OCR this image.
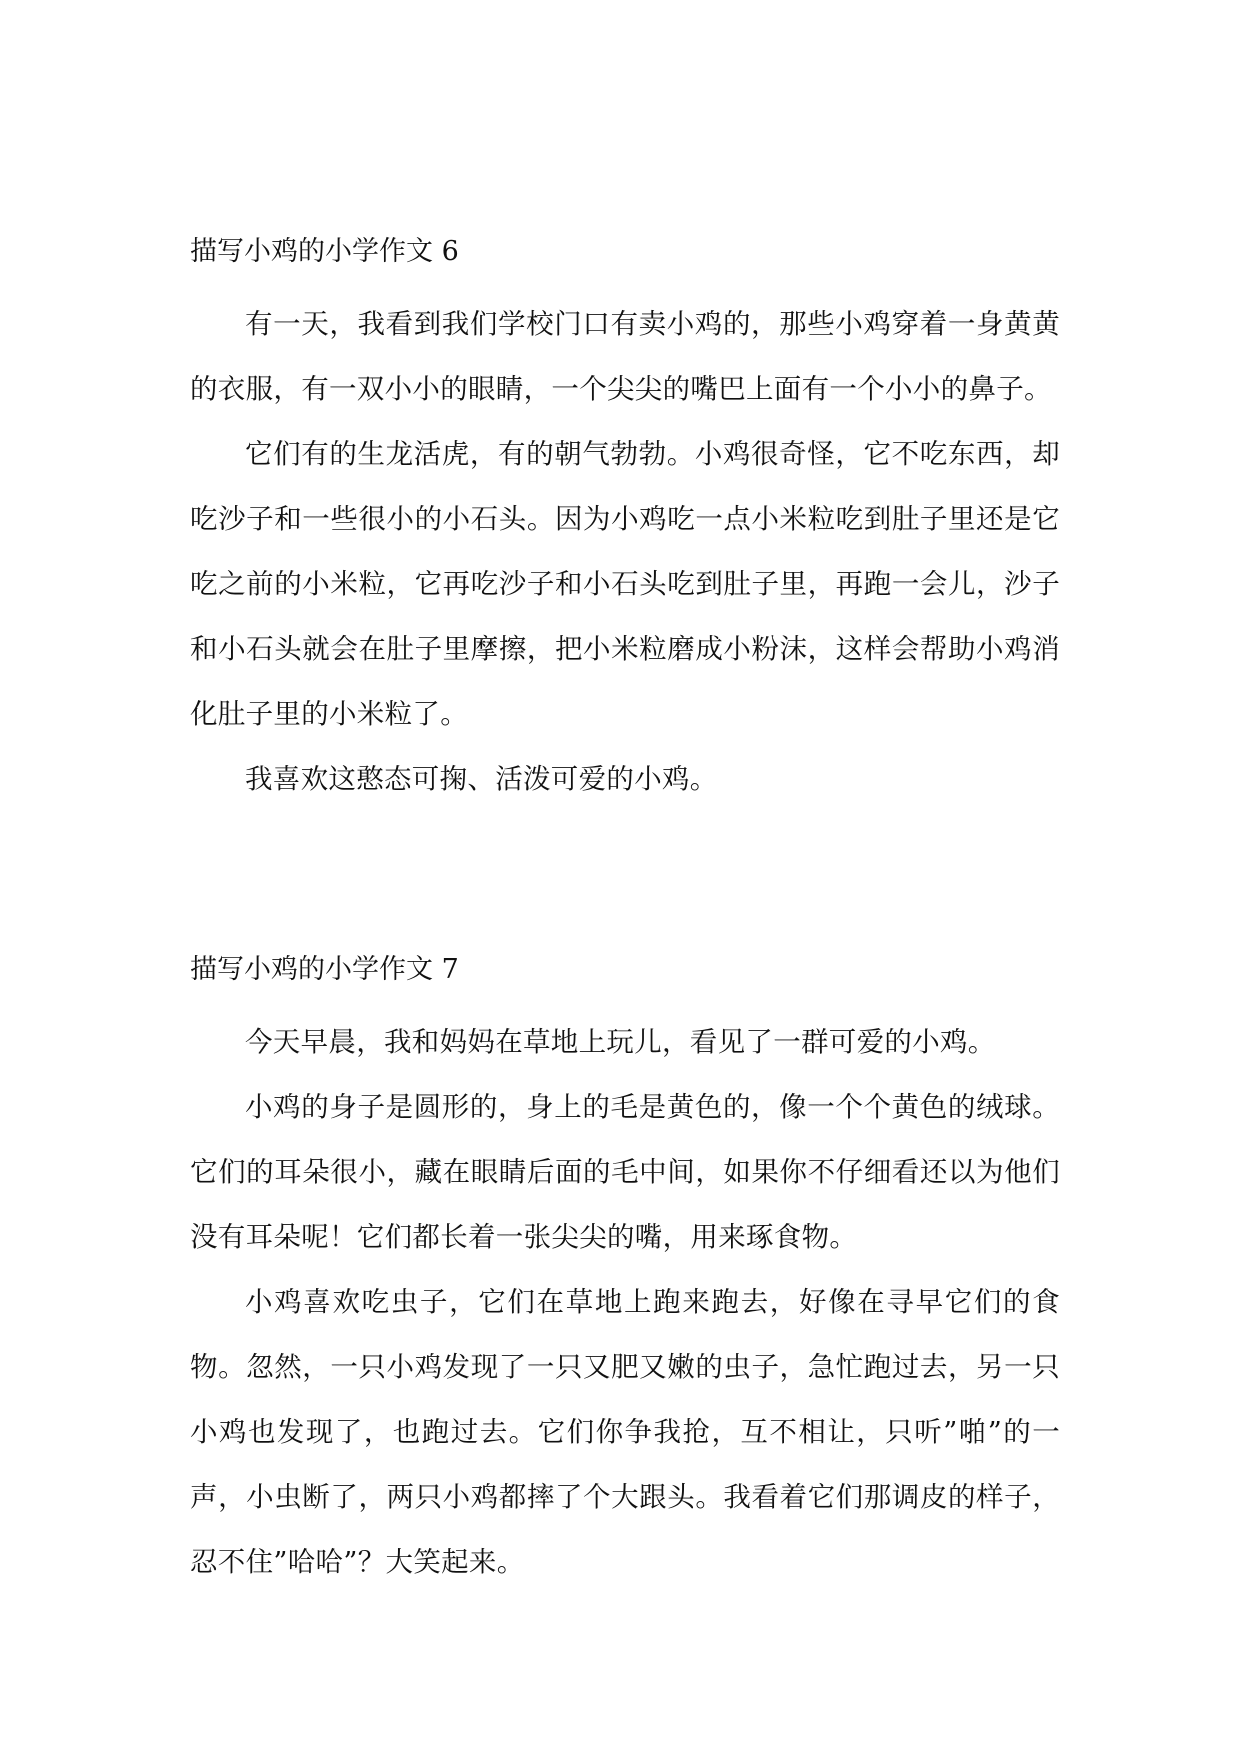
描写小鸡的小学作文 6

有一天，我看到我们学校门口有卖小鸡的，那些小鸡穿着一身黄黄的衣服，有一双小小的眼睛，一个尖尖的嘴巴上面有一个小小的鼻子。

它们有的生龙活虎，有的朝气勃勃。小鸡很奇怪，它不吃东西，却吃沙子和一些很小的小石头。因为小鸡吃一点小米粒吃到肚子里还是它吃之前的小米粒，它再吃沙子和小石头吃到肚子里，再跑一会儿，沙子和小石头就会在肚子里摩擦，把小米粒磨成小粉沫，这样会帮助小鸡消化肚子里的小米粒了。

我喜欢这憨态可掬、活泼可爱的小鸡。

描写小鸡的小学作文 7

今天早晨，我和妈妈在草地上玩儿，看见了一群可爱的小鸡。

小鸡的身子是圆形的，身上的毛是黄色的，像一个个黄色的绒球。它们的耳朵很小，藏在眼睛后面的毛中间，如果你不仔细看还以为他们没有耳朵呢！它们都长着一张尖尖的嘴，用来琢食物。

小鸡喜欢吃虫子，它们在草地上跑来跑去，好像在寻早它们的食物。忽然，一只小鸡发现了一只又肥又嫩的虫子，急忙跑过去，另一只小鸡也发现了，也跑过去。它们你争我抢，互不相让，只听”啪”的一声，小虫断了，两只小鸡都摔了个大跟头。我看着它们那调皮的样子，忍不住”哈哈”？大笑起来。
